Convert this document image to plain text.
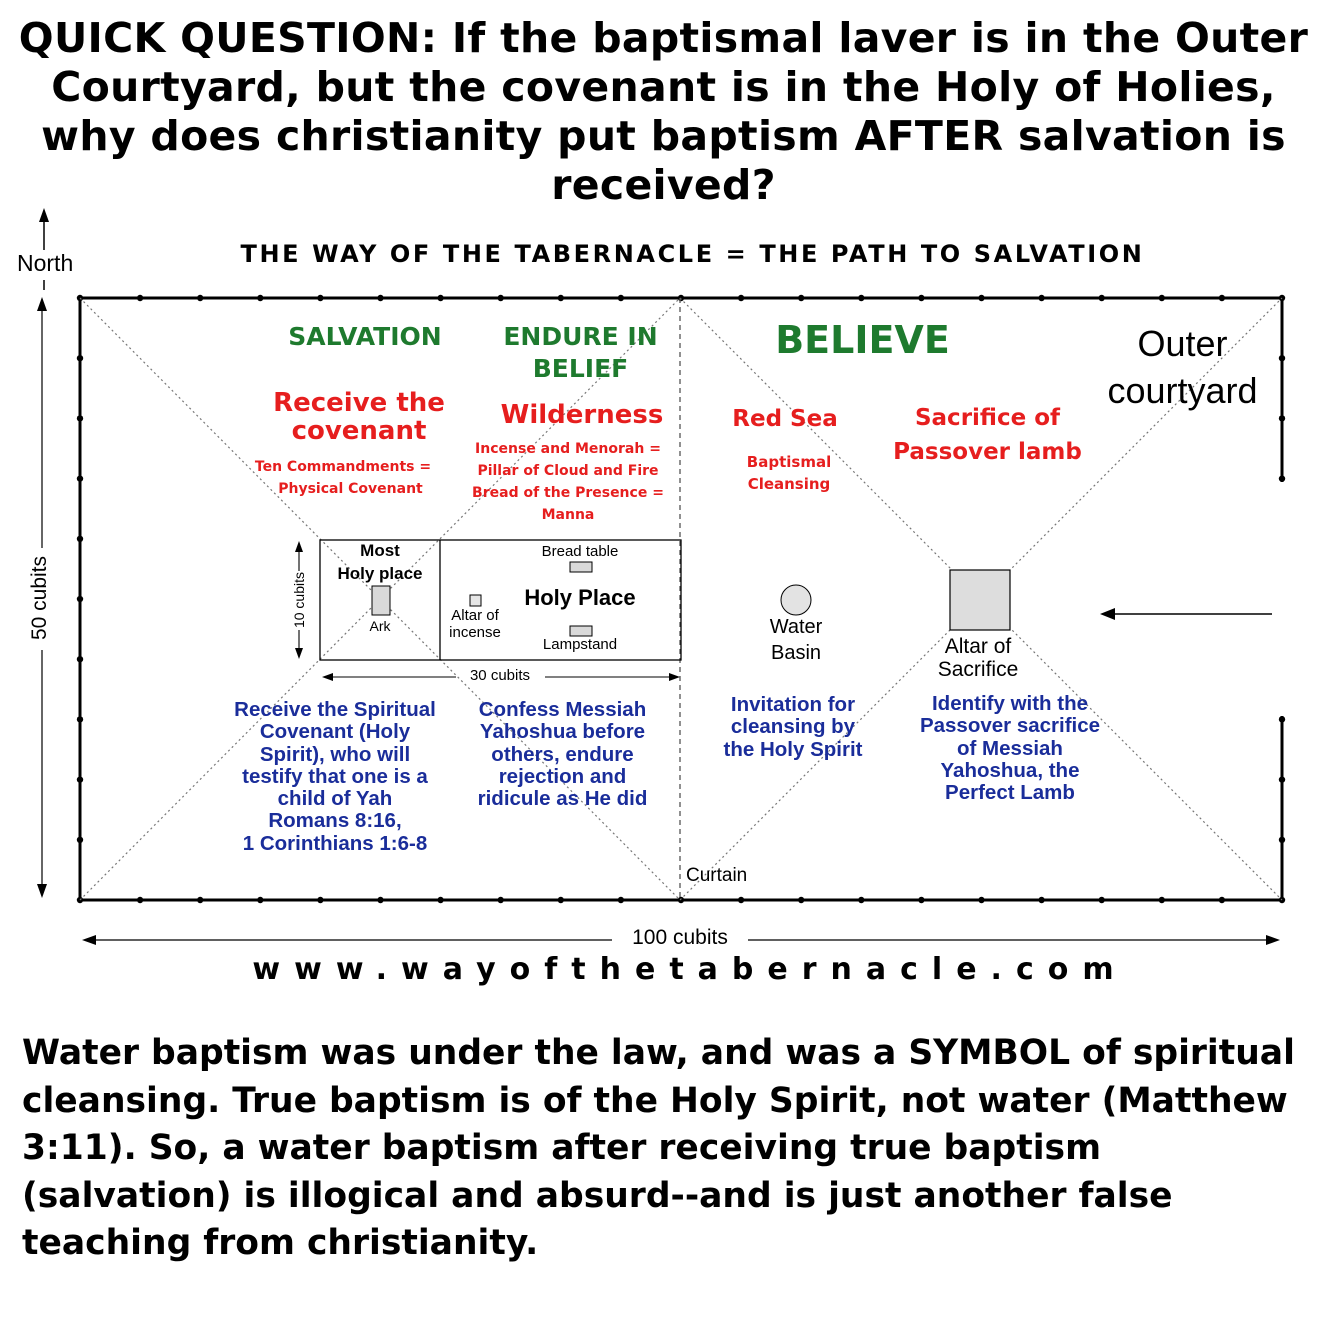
QUICK QUESTION: If the baptismal laver is in the Outer Courtyard, but the covenant is in the Holy of Holies, why does christianity put baptism AFTER salvation is received?
THE WAY OF THE TABERNACLE = THE PATH TO SALVATION
North
50 cubits
100 cubits
10 cubits
30 cubits
SALVATION	ENDURE IN
BELIEF
BELIEVE	Outer
courtyard
Receive the
covenant
Ten Commandments =
Physical Covenant
Wilderness
Incense and Menorah =
Pillar of Cloud and Fire
Bread of the Presence =
Manna
Red Sea
Baptismal
Cleansing
Sacrifice of
Passover lamb
Most
Holy place
Ark
Bread table
Holy Place
Altar of
incense
Lampstand
Water
Basin	Altar of
Sacrifice
Curtain
Receive the Spiritual
Covenant (Holy
Spirit), who will
testify that one is a
child of Yah
Romans 8:16,
1 Corinthians 1:6-8
Confess Messiah
Yahoshua before
others, endure
rejection and
ridicule as He did
Invitation for
cleansing by
the Holy Spirit
Identify with the
Passover sacrifice
of Messiah
Yahoshua, the
Perfect Lamb
www.wayofthetabernacle.com
Water baptism was under the law, and was a SYMBOL of spiritual cleansing. True baptism is of the Holy Spirit, not water (Matthew 3:11). So, a water baptism after receiving true baptism (salvation) is illogical and absurd--and is just another false teaching from christianity.
